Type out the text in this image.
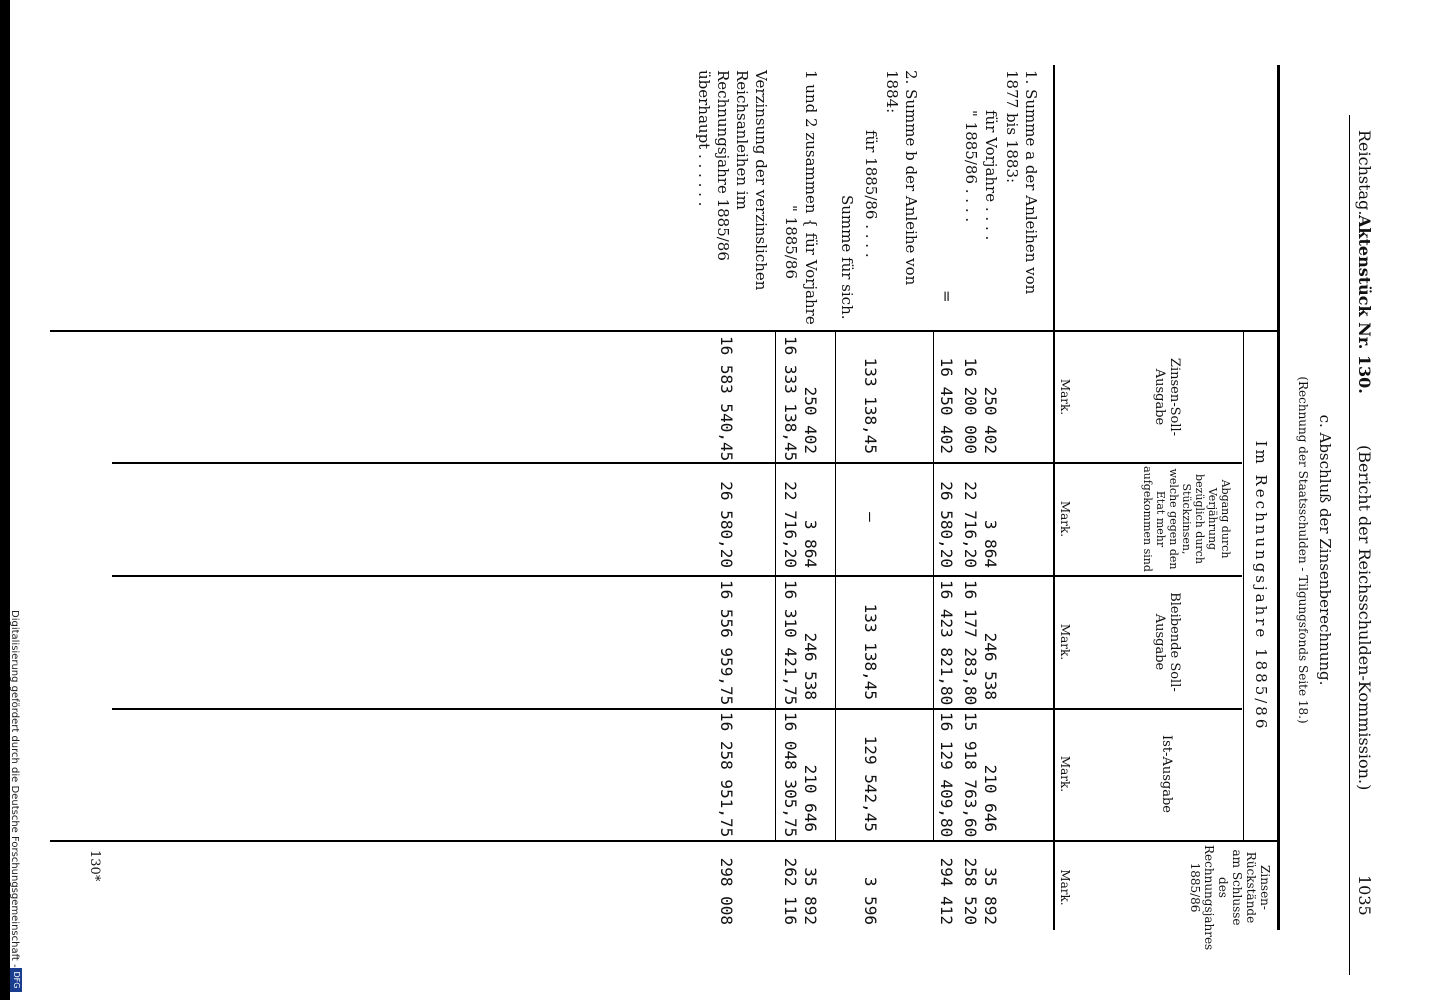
Reichstag.
Aktenstück Nr. 130.
(Bericht der Reichsschulden-Kommission.)
1035
c. Abschluß der Zinsenberechnung.
(Rechnung der Staatsschulden - Tilgungsfonds Seite 18.)
Im Rechnungsjahre 1885/86
Zinsen-Soll-Ausgabe
Mark.
Abgang durch Verjährung bezüglich durch Stückzinsen, welche gegen den Etat mehr aufgekommen sind
Mark.
Bleibende Soll-Ausgabe
Mark.
Ist-Ausgabe
Mark.
Zinsen-Rückstände am Schlusse des Rechnungsjahres 1885/86
Mark.
1. Summe a der Anleihen von 1877 bis 1883:
für Vorjahre . . . .
" 1885/86 . . . .
=
2. Summe b der Anleihe von 1884:
für 1885/86 . . . .
Summe für sich.
1 und 2 zusammen { für Vorjahre
" 1885/86
Verzinsung der verzinslichen Reichsanleihen im Rechnungsjahre 1885/86 überhaupt . . . . . .
250 402
3 864
246 538
210 646
35 892
16 200 000
22 716,20
16 177 283,80
15 918 763,60
258 520
16 450 402
26 580,20
16 423 821,80
16 129 409,80
294 412
133 138,45
—
133 138,45
129 542,45
3 596
250 402
3 864
246 538
210 646
35 892
16 333 138,45
22 716,20
16 310 421,75
16 048 305,75
262 116
16 583 540,45
26 580,20
16 556 959,75
16 258 951,75
298 008
130*
Digitalisierung gefördert durch die Deutsche Forschungsgemeinschaft -
DFG
